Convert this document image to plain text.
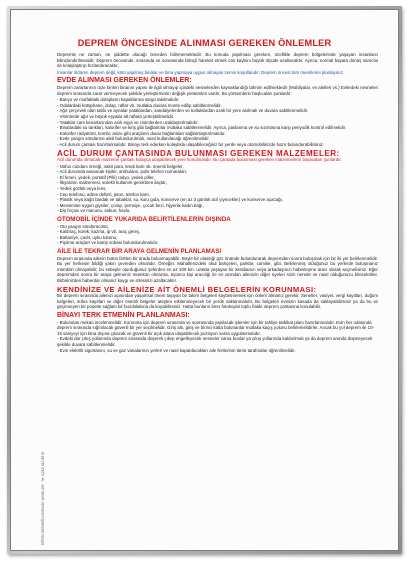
DEPREM ÖNCESİNDE ALINMASI GEREKEN ÖNLEMLER

Depremle ne zaman, ne şiddette olacağı önceden bilinmemektedir. Bu konuda yapılması gereken, özellikle deprem bölgelerinde yaşayan insanların bilinçlendirilmesidir. Deprem öncesinde, sırasında ve sonrasında bilinçli hareket etmek can kaybını büyük ölçüde azaltacaktır. Ayrıca, normal hayata dönüş sürecini de kolaylaştırıp hızlandıracaktır.

İnsanlar öldüren deprem değil, kötü yapılmış binalar ve bina yapmaya uygun olmayan zemin koşullarıdır. Deprem öncesi tüm önemlerini planlayınız.

EVDE ALINMASI GEREKEN ÖNLEMLER:

Deprem zararlarının üçte birinin binanın yapısı ile ilgili olmayıp içindeki nesnelerden kaynaklandığı tahmin edilmektedir (Mobilyalar, ev aletleri vs.) Evlerdeki nesneleri deprem sırasında zarar vermeyecek şekilde yerleştirmenin değişik yöntemleri vardır. Bu yöntemlerin başlıcaları şunlardır:

- Banyo ve mutfaktaki dolapların kapaklarına sürgü takılmalıdır.
- Odalardaki kütüphane, dolap, raflar vb. mutlaka duvara monte edilip sabitlenmelidir.
- Ağır çerçeveli olan tablo ve aynalar yataklardan, sandalyelerden ve koltuklardan uzak bir yere asılmalı ve duvara sabitlenmelidir.
- Vitrinlerde ağır ve büyük eşyalar alt raflara yerleştirilmelidir.
- Yataklar cam kenarlarından asılı eşya ve cisimlerden uzaklaştırılmalıdır.
- Binalardaki su tankları, kalorifer ve kiriş gibi bağlantılar mutlaka sabitlenmelidir. Ayrıca, paslanma ve su sızıntısına karşı periyodik kontrol edilmelidir.
- Kalorifer radyatörü, kombi, avize gibi araçların duvar bağlantıları sağlamlaştırılmalıdır.
- Evde yangın söndürme aleti bulundurulmalı, nasıl kullanılacağı öğrenilmelidir.
- Acil durum çantası hazırlanmalıdır. Binayı terk ederken kolaylıkla ulaşabileceğiniz bir yerde veya otomobilinizde hazır bulundurabilirsiniz.
ACİL DURUM ÇANTASINDA BULUNMASI GEREKEN MALZEMELER:

Acil durumda olmacak malzeme çantası kolayca ulaşabilecek yere konulmalıdır. Bu çantada bulunması gereken malzemelerin başlıcaları şunlardır.

- Nüfus cüzdanı örneği, nakit para, kredi kartı vb. önemli belgeler,
- Acil durumda aranacak kişiler, ambulans, polis telefon numaraları,
- El feneri, yedek, portatif (Pilli) radyo, yedek piller,
- İlkyardım malzemesi, sürekli kullanım gerektiren ilaçlar,
- Yedek gözlük veya lens,
- Cep telefonu, adres defteri, jeton, telefon kartı,
- Plastik veya kağıt bardak ve tabaklar, su, kuru gıda, konserve (en az 3 günlük acil yiyecekler) ve konserve açacağı,
- Mevsimine uygun giysiler, çorap, şemsiye, çocuk bezi, hijyenik kadın bağı,
- Diş fırçası ve macunu, sabun, havlu.
OTOMOBİL İÇİNDE YUKARIDA BELİRTİLENLERİN DIŞINDA
- Oto yangın söndürücüsü,
- Kaldıraç, kürek, kazma, ip vb. araç gereç,
- Battaniye, çadır, uyku tulumu,
- Pişirme araçları ve kamp sobası bulundurulmalıdır.
AİLE İLE TEKRAR BİR ARAYA GELMENİN PLANLAMASI

Deprem sırasında ailenin bütün fertleri bir arada bulunmayabilir. Böyle bir olasılığı göz önünde bulundurarak depremden sonra buluşmak için bir iki yer belirlenmelidir. Bu yer herkesin bildiği yakın çevreden olmalıdır. Örneğin: Mahallenizdeki okul bahçeleri, parklar, camiler, gibi. Belirlenmiş olduğunuz bu yerlerde buluşmanız mümkün olmayabilir; bu sebeple oturduğunuz şehirden en az 100 km. uzakta yaşayan bir akrabanızı veya arkadaşınızı haberleşme aracı olarak seçmelisiniz. Eğer depremden sonra bir araya gelmeniz mümkün olmazsa, üçüncü kişi aracılığı ile en azından ailenizin diğer üyeleri sizin nerede ve nasıl olduğunuzu bilecektirler. Birbirinizden haberdar olmanız kaygı ve stresinizi azaltacaktır.

KENDİNİZE VE AİLENİZE AİT ÖNEMLİ BELGELERİN KORUNMASI:

Bir deprem sırasında ailenizi açısından yaşamsal önem taşıyan bir takım belgeleri kaybetmemek için önlem almanız gerekir. Senetler, vasiyet, vergi kayıtları, doğum belgeleri, nüfus kayıtları ve diğer önemli belgeler ateşten etkilenmeyecek bir yerde saklanmalıdır. Bu belgeleri evinizin kasada da saklayabilirsiniz ya da bu ve geçirmeyen bir poşette sağlam bir buzdolabına da koyabilirsiniz. Hatta bunların birer fotokopisi toplu halde deprem çantasına konulabilir.

BİNAYI TERK ETMENİN PLANLANMASI:
- Bulunulan mekan incelenmelidir. Korunma için deprem sırasında ve sonrasında yapılacak işlemler için bir tahliye tatbikat planı hazırlanmalıdır. Evin her odasında deprem sırasında sığınılacak güvenli bir yer seçilmelidir. Giriş altı, giriş ve birinci katta bulunanlar mutlaka kaçış yolunu belirlemelidirler. Ancak bu yol deprem ile 10-15 saniyeyi için bina dışına çıkacak ve güvenli bir açık alana ulaşabilecek pozisyon varsa uygulanmalıdır.
- Evdeki dar çıkış yollarında deprem sırasında düşerek çıkışı engelleyecek nesneler varsa bunlar ya çıkış yollarında kaldırılmalı ya da deprem anında düşmeyecek şekilde duvara sabitlenmelidir.
- Evin elektrik sigortasını, su ve gaz vanalarının yerleri ve nasıl kapatılacakları aile fertlerinin tümü tarafından öğrenilmelidir.
EĞİTİM DERNEĞİ GÜVENLİK YAYINLARI · Tel: 0(212) 612 68 25
